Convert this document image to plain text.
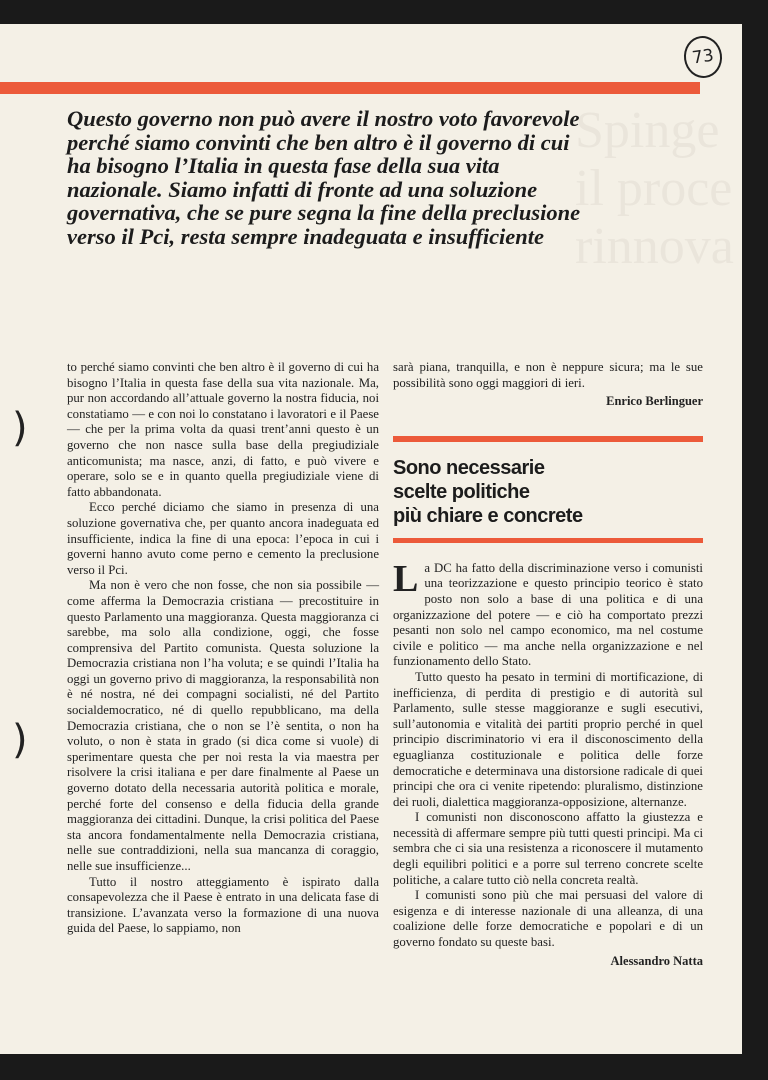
Spinge
il proce
rinnova
73

Questo governo non può avere il nostro voto favorevole perché siamo convinti che ben altro è il governo di cui ha bisogno l’Italia in questa fase della sua vita nazionale. Siamo infatti di fronte ad una soluzione governativa, che se pure segna la fine della preclusione verso il Pci, resta sempre inadeguata e insufficiente

to perché siamo convinti che ben altro è il governo di cui ha bisogno l’Italia in questa fase della sua vita nazionale. Ma, pur non accordando all’attuale governo la nostra fiducia, noi constatiamo — e con noi lo constatano i lavoratori e il Paese — che per la prima volta da quasi trent’anni questo è un governo che non nasce sulla base della pregiudiziale anticomunista; ma nasce, anzi, di fatto, e può vivere e operare, solo se e in quanto quella pregiudiziale viene di fatto abbandonata.

Ecco perché diciamo che siamo in presenza di una soluzione governativa che, per quanto ancora inadeguata ed insufficiente, indica la fine di una epoca: l’epoca in cui i governi hanno avuto come perno e cemento la preclusione verso il Pci.

Ma non è vero che non fosse, che non sia possibile — come afferma la Democrazia cristiana — precostituire in questo Parlamento una maggioranza. Questa maggioranza ci sarebbe, ma solo alla condizione, oggi, che fosse comprensiva del Partito comunista. Questa soluzione la Democrazia cristiana non l’ha voluta; e se quindi l’Italia ha oggi un governo privo di maggioranza, la responsabilità non è né nostra, né dei compagni socialisti, né del Partito socialdemocratico, né di quello repubblicano, ma della Democrazia cristiana, che o non se l’è sentita, o non ha voluto, o non è stata in grado (si dica come si vuole) di sperimentare questa che per noi resta la via maestra per risolvere la crisi italiana e per dare finalmente al Paese un governo dotato della necessaria autorità politica e morale, perché forte del consenso e della fiducia della grande maggioranza dei cittadini. Dunque, la crisi politica del Paese sta ancora fondamentalmente nella Democrazia cristiana, nelle sue contraddizioni, nella sua mancanza di coraggio, nelle sue insufficienze...

Tutto il nostro atteggiamento è ispirato dalla consapevolezza che il Paese è entrato in una delicata fase di transizione. L’avanzata verso la formazione di una nuova guida del Paese, lo sappiamo, non

sarà piana, tranquilla, e non è neppure sicura; ma le sue possibilità sono oggi maggiori di ieri.

Enrico Berlinguer

Sono necessarie

scelte politiche

più chiare e concrete

La DC ha fatto della discriminazione verso i comunisti una teorizzazione e questo principio teorico è stato posto non solo a base di una politica e di una organizzazione del potere — e ciò ha comportato prezzi pesanti non solo nel campo economico, ma nel costume civile e politico — ma anche nella organizzazione e nel funzionamento dello Stato.

Tutto questo ha pesato in termini di mortificazione, di inefficienza, di perdita di prestigio e di autorità sul Parlamento, sulle stesse maggioranze e sugli esecutivi, sull’autonomia e vitalità dei partiti proprio perché in quel principio discriminatorio vi era il disconoscimento della eguaglianza costituzionale e politica delle forze democratiche e determinava una distorsione radicale di quei principi che ora ci venite ripetendo: pluralismo, distinzione dei ruoli, dialettica maggioranza-opposizione, alternanze.

I comunisti non disconoscono affatto la giustezza e necessità di affermare sempre più tutti questi principi. Ma ci sembra che ci sia una resistenza a riconoscere il mutamento degli equilibri politici e a porre sul terreno concrete scelte politiche, a calare tutto ciò nella concreta realtà.

I comunisti sono più che mai persuasi del valore di esigenza e di interesse nazionale di una alleanza, di una coalizione delle forze democratiche e popolari e di un governo fondato su queste basi.

Alessandro Natta

)
)
